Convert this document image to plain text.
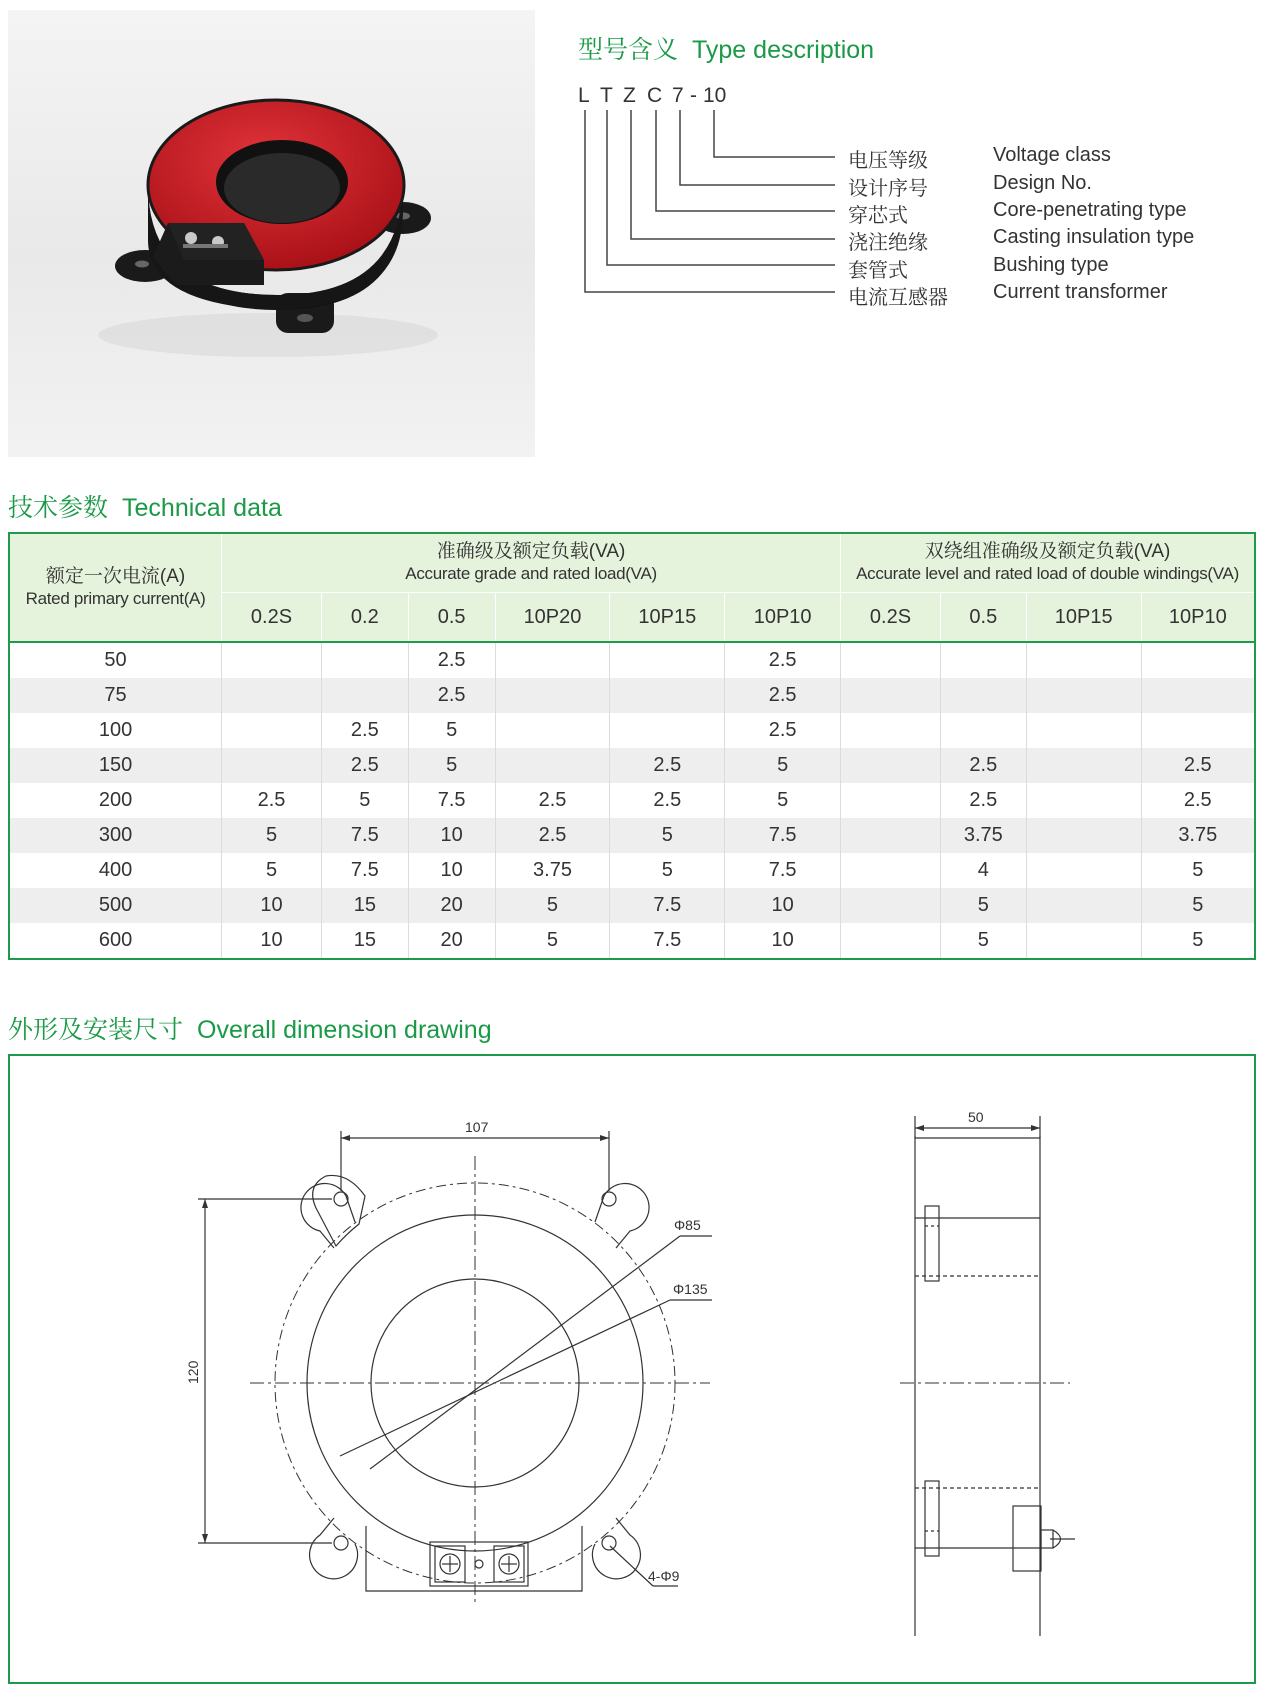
型号含义 Type description
L T Z C 7 - 10
电压等级	Voltage class
设计序号	Design No.
穿芯式	Core-penetrating type
浇注绝缘	Casting insulation type
套管式	Bushing type
电流互感器 Current transformer
技术参数 Technical data
额定一次电流(A)
Rated primary current(A)	准确级及额定负载(VA)
Accurate grade and rated load(VA)						双绕组准确级及额定负载(VA)
Accurate level and rated load of double windings(VA)			

	0.2S	0.2	0.5	10P20	10P15	10P10	0.2S	0.5	10P15	10P10
50			2.5			2.5				
75			2.5			2.5				
100		2.5	5			2.5				
150		2.5	5		2.5	5		2.5		2.5
200	2.5	5	7.5	2.5	2.5	5		2.5		2.5
300	5	7.5	10	2.5	5	7.5		3.75		3.75
400	5	7.5	10	3.75	5	7.5		4		5
500	10	15	20	5	7.5	10		5		5
600	10	15	20	5	7.5	10		5		5
外形及安装尺寸 Overall dimension drawing
107
120
Φ85
Φ135
4-Φ9
50
